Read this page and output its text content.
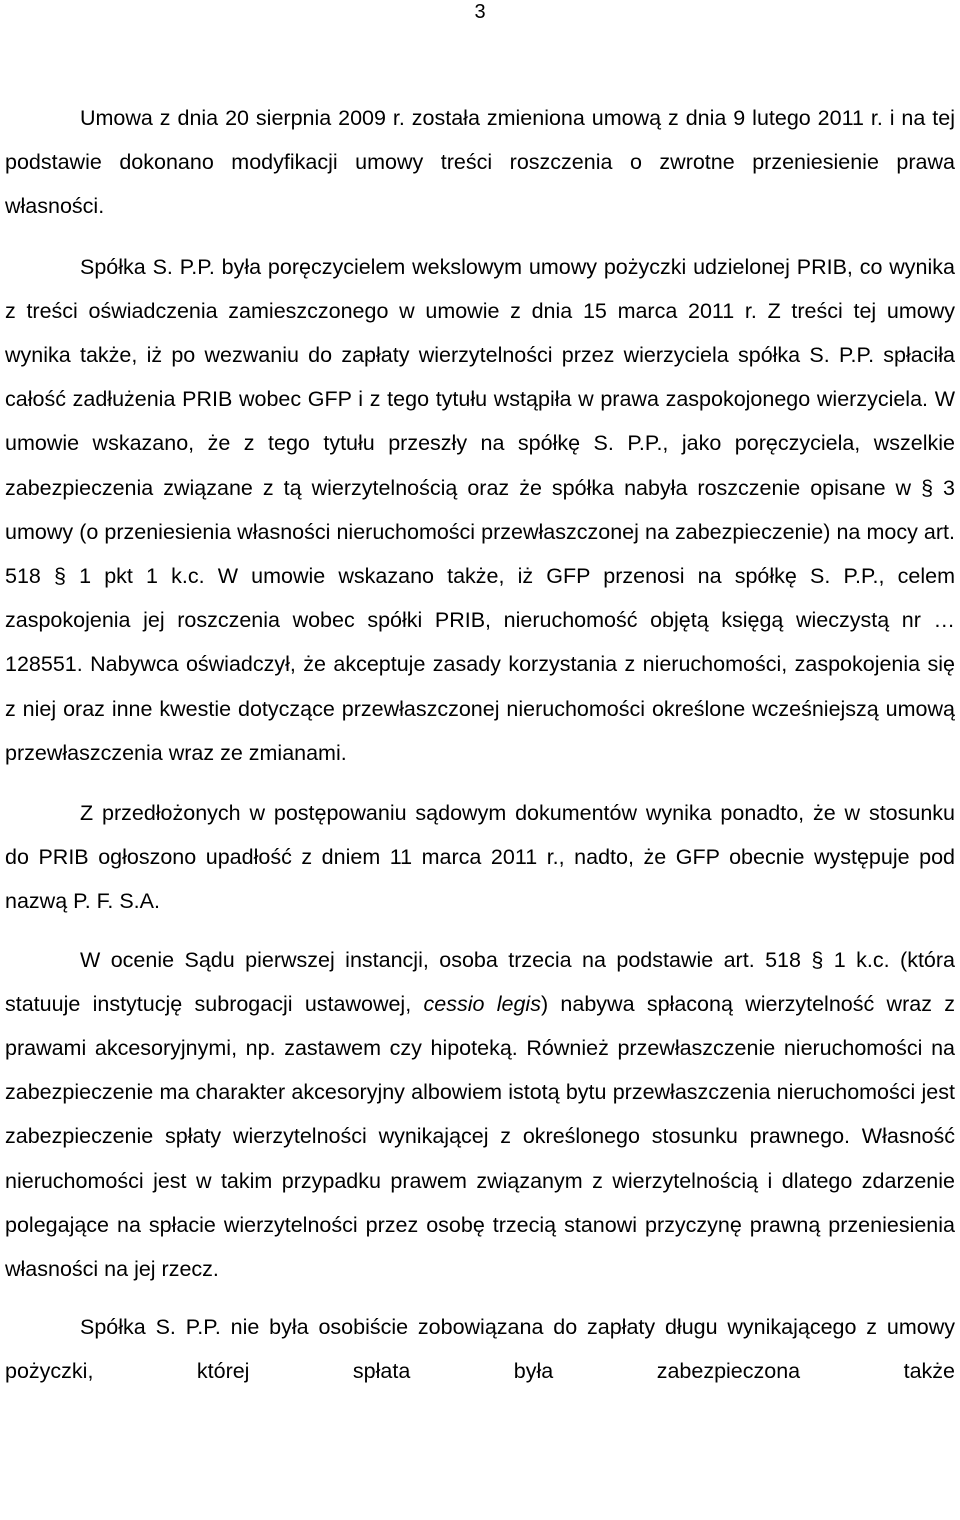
3

Umowa z dnia 20 sierpnia 2009 r. została zmieniona umową z dnia 9 lutego 2011 r. i na tej podstawie dokonano modyfikacji umowy treści roszczenia o zwrotne przeniesienie prawa własności.

Spółka S. P.P. była poręczycielem wekslowym umowy pożyczki udzielonej PRIB, co wynika z treści oświadczenia zamieszczonego w umowie z dnia 15 marca 2011 r. Z treści tej umowy wynika także, iż po wezwaniu do zapłaty wierzytelności przez wierzyciela spółka S. P.P. spłaciła całość zadłużenia PRIB wobec GFP i z tego tytułu wstąpiła w prawa zaspokojonego wierzyciela. W umowie wskazano, że z tego tytułu przeszły na spółkę S. P.P., jako poręczyciela, wszelkie zabezpieczenia związane z tą wierzytelnością oraz że spółka nabyła roszczenie opisane w § 3 umowy (o przeniesienia własności nieruchomości przewłaszczonej na zabezpieczenie) na mocy art. 518 § 1 pkt 1 k.c. W umowie wskazano także, iż GFP przenosi na spółkę S. P.P., celem zaspokojenia jej roszczenia wobec spółki PRIB, nieruchomość objętą księgą wieczystą nr …128551. Nabywca oświadczył, że akceptuje zasady korzystania z nieruchomości, zaspokojenia się z niej oraz inne kwestie dotyczące przewłaszczonej nieruchomości określone wcześniejszą umową przewłaszczenia wraz ze zmianami.

Z przedłożonych w postępowaniu sądowym dokumentów wynika ponadto, że w stosunku do PRIB ogłoszono upadłość z dniem 11 marca 2011 r., nadto, że GFP obecnie występuje pod nazwą P. F. S.A.

W ocenie Sądu pierwszej instancji, osoba trzecia na podstawie art. 518 § 1 k.c. (która statuuje instytucję subrogacji ustawowej, cessio legis) nabywa spłaconą wierzytelność wraz z prawami akcesoryjnymi, np. zastawem czy hipoteką. Również przewłaszczenie nieruchomości na zabezpieczenie ma charakter akcesoryjny albowiem istotą bytu przewłaszczenia nieruchomości jest zabezpieczenie spłaty wierzytelności wynikającej z określonego stosunku prawnego. Własność nieruchomości jest w takim przypadku prawem związanym z wierzytelnością i dlatego zdarzenie polegające na spłacie wierzytelności przez osobę trzecią stanowi przyczynę prawną przeniesienia własności na jej rzecz.

Spółka S. P.P. nie była osobiście zobowiązana do zapłaty długu wynikającego z umowy pożyczki, której spłata była zabezpieczona także
